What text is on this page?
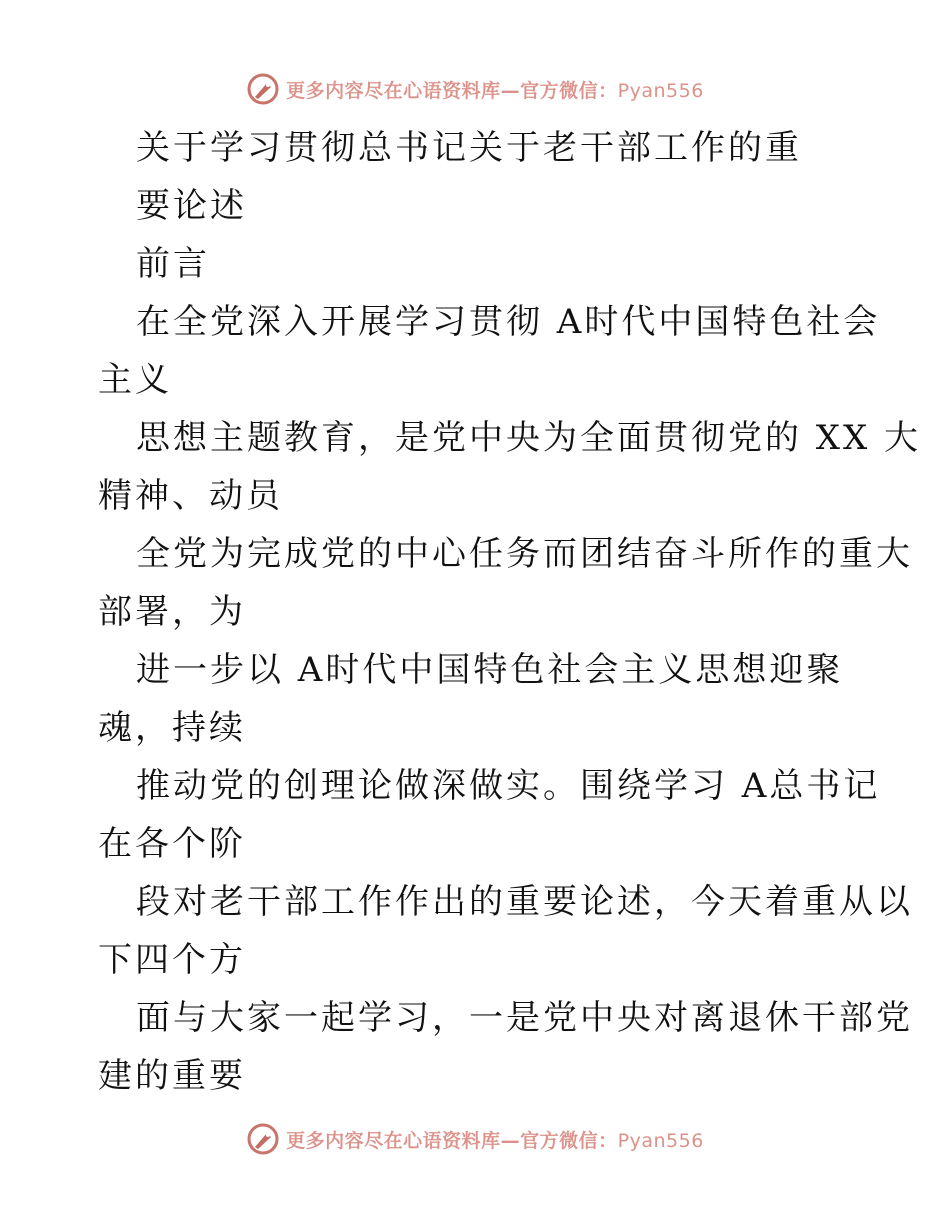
更多内容尽在心语资料库—官方微信：Pyan556
关于学习贯彻总书记关于老干部工作的重
要论述
前言
在全党深入开展学习贯彻 A时代中国特色社会
主义
思想主题教育，是党中央为全面贯彻党的 XX 大
精神、动员
全党为完成党的中心任务而团结奋斗所作的重大
部署，为
进一步以 A时代中国特色社会主义思想迎聚
魂，持续
推动党的创理论做深做实。围绕学习 A总书记
在各个阶
段对老干部工作作出的重要论述，今天着重从以
下四个方
面与大家一起学习，一是党中央对离退休干部党
建的重要
更多内容尽在心语资料库—官方微信：Pyan556
